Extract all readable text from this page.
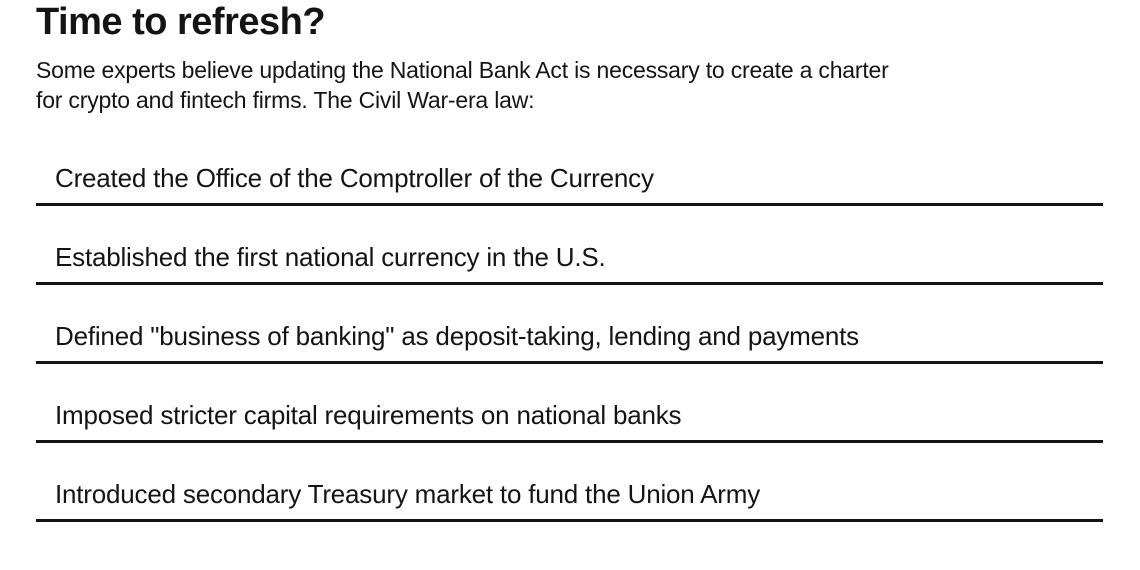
Time to refresh?
Some experts believe updating the National Bank Act is necessary to create a charter
for crypto and fintech firms. The Civil War-era law:
Created the Office of the Comptroller of the Currency
Established the first national currency in the U.S.
Defined "business of banking" as deposit-taking, lending and payments
Imposed stricter capital requirements on national banks
Introduced secondary Treasury market to fund the Union Army
